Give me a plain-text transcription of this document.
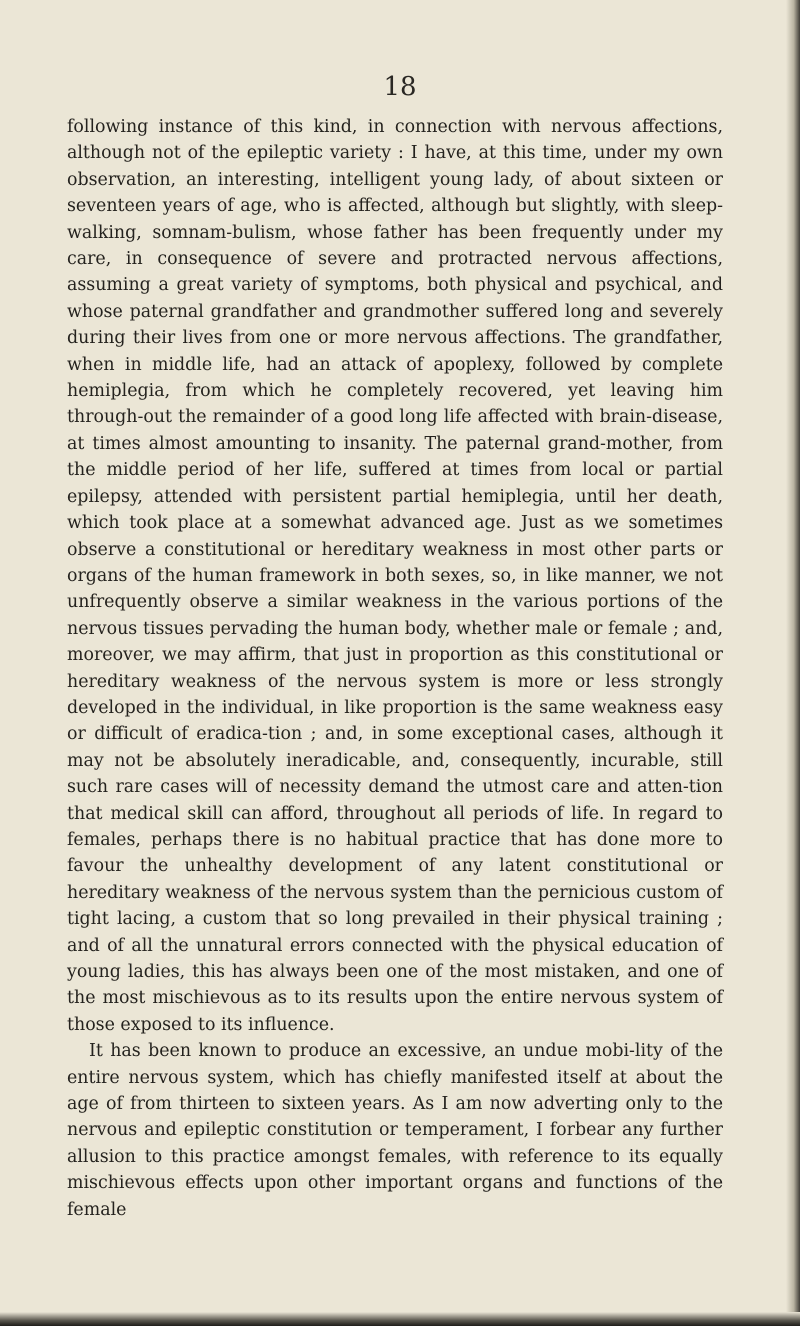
18

following instance of this kind, in connection with nervous affections, although not of the epileptic variety : I have, at this time, under my own observation, an interesting, intelligent young lady, of about sixteen or seventeen years of age, who is affected, although but slightly, with sleep-walking, somnam-bulism, whose father has been frequently under my care, in consequence of severe and protracted nervous affections, assuming a great variety of symptoms, both physical and psychical, and whose paternal grandfather and grandmother suffered long and severely during their lives from one or more nervous affections. The grandfather, when in middle life, had an attack of apoplexy, followed by complete hemiplegia, from which he completely recovered, yet leaving him through-out the remainder of a good long life affected with brain-disease, at times almost amounting to insanity. The paternal grand-mother, from the middle period of her life, suffered at times from local or partial epilepsy, attended with persistent partial hemiplegia, until her death, which took place at a somewhat advanced age. Just as we sometimes observe a constitutional or hereditary weakness in most other parts or organs of the human framework in both sexes, so, in like manner, we not unfrequently observe a similar weakness in the various portions of the nervous tissues pervading the human body, whether male or female ; and, moreover, we may affirm, that just in proportion as this constitutional or hereditary weakness of the nervous system is more or less strongly developed in the individual, in like proportion is the same weakness easy or difficult of eradica-tion ; and, in some exceptional cases, although it may not be absolutely ineradicable, and, consequently, incurable, still such rare cases will of necessity demand the utmost care and atten-tion that medical skill can afford, throughout all periods of life. In regard to females, perhaps there is no habitual practice that has done more to favour the unhealthy development of any latent constitutional or hereditary weakness of the nervous system than the pernicious custom of tight lacing, a custom that so long prevailed in their physical training ; and of all the unnatural errors connected with the physical education of young ladies, this has always been one of the most mistaken, and one of the most mischievous as to its results upon the entire nervous system of those exposed to its influence.

It has been known to produce an excessive, an undue mobi-lity of the entire nervous system, which has chiefly manifested itself at about the age of from thirteen to sixteen years. As I am now adverting only to the nervous and epileptic constitution or temperament, I forbear any further allusion to this practice amongst females, with reference to its equally mischievous effects upon other important organs and functions of the female
